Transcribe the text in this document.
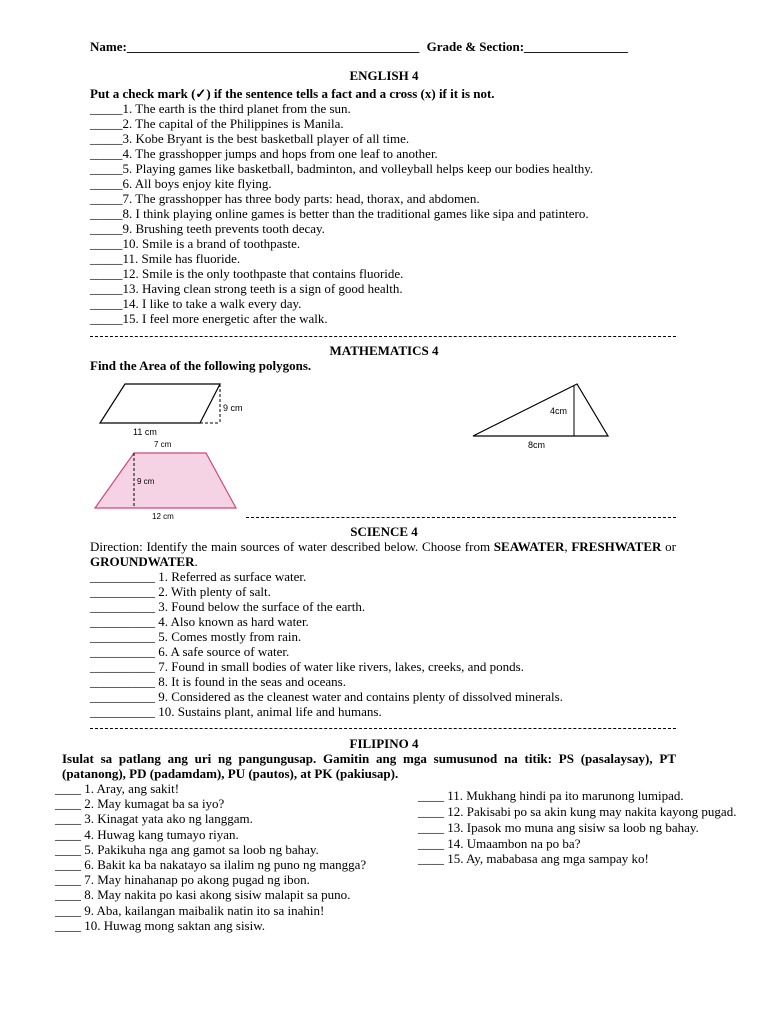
Name:_____________________________________________ Grade & Section:________________
ENGLISH 4
Put a check mark (✓) if the sentence tells a fact and a cross (x) if it is not.
_____1. The earth is the third planet from the sun.
_____2. The capital of the Philippines is Manila.
_____3. Kobe Bryant is the best basketball player of all time.
_____4. The grasshopper jumps and hops from one leaf to another.
_____5. Playing games like basketball, badminton, and volleyball helps keep our bodies healthy.
_____6. All boys enjoy kite flying.
_____7. The grasshopper has three body parts: head, thorax, and abdomen.
_____8. I think playing online games is better than the traditional games like sipa and patintero.
_____9. Brushing teeth prevents tooth decay.
_____10. Smile is a brand of toothpaste.
_____11. Smile has fluoride.
_____12. Smile is the only toothpaste that contains fluoride.
_____13. Having clean strong teeth is a sign of good health.
_____14. I like to take a walk every day.
_____15. I feel more energetic after the walk.
MATHEMATICS 4
Find the Area of the following polygons.
9 cm
11 cm
4cm
8cm
7 cm
9 cm
12 cm
SCIENCE 4
Direction: Identify the main sources of water described below. Choose from SEAWATER, FRESHWATER or GROUNDWATER.
__________ 1. Referred as surface water.
__________ 2. With plenty of salt.
__________ 3. Found below the surface of the earth.
__________ 4. Also known as hard water.
__________ 5. Comes mostly from rain.
__________ 6. A safe source of water.
__________ 7. Found in small bodies of water like rivers, lakes, creeks, and ponds.
__________ 8. It is found in the seas and oceans.
__________ 9. Considered as the cleanest water and contains plenty of dissolved minerals.
__________ 10. Sustains plant, animal life and humans.
FILIPINO 4
Isulat sa patlang ang uri ng pangungusap. Gamitin ang mga sumusunod na titik: PS (pasalaysay), PT (patanong), PD (padamdam), PU (pautos), at PK (pakiusap).
____ 1. Aray, ang sakit!
____ 2. May kumagat ba sa iyo?
____ 3. Kinagat yata ako ng langgam.
____ 4. Huwag kang tumayo riyan.
____ 5. Pakikuha nga ang gamot sa loob ng bahay.
____ 6. Bakit ka ba nakatayo sa ilalim ng puno ng mangga?
____ 7. May hinahanap po akong pugad ng ibon.
____ 8. May nakita po kasi akong sisiw malapit sa puno.
____ 9. Aba, kailangan maibalik natin ito sa inahin!
____ 10. Huwag mong saktan ang sisiw.
____ 11. Mukhang hindi pa ito marunong lumipad.
____ 12. Pakisabi po sa akin kung may nakita kayong pugad.
____ 13. Ipasok mo muna ang sisiw sa loob ng bahay.
____ 14. Umaambon na po ba?
____ 15. Ay, mababasa ang mga sampay ko!
